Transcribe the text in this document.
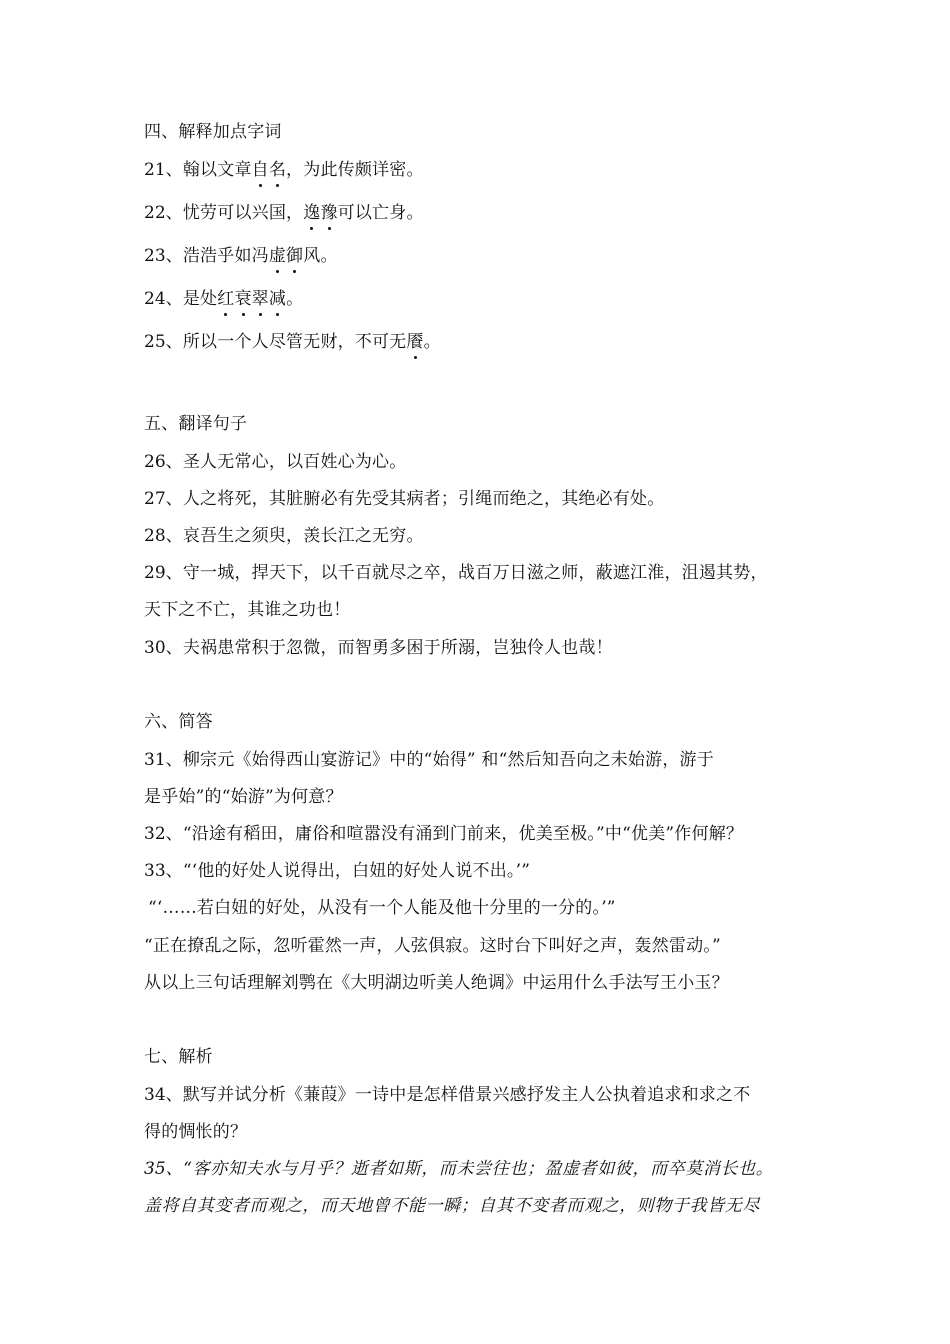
四、解释加点字词
21、翰以文章自名，为此传颇详密。
22、忧劳可以兴国，逸豫可以亡身。
23、浩浩乎如冯虚御风。
24、是处红衰翠减。
25、所以一个人尽管无财，不可无餍。
五、翻译句子
26、圣人无常心，以百姓心为心。
27、人之将死，其脏腑必有先受其病者；引绳而绝之，其绝必有处。
28、哀吾生之须臾，羡长江之无穷。
29、守一城，捍天下，以千百就尽之卒，战百万日滋之师，蔽遮江淮，沮遏其势，
天下之不亡，其谁之功也！
30、夫祸患常积于忽微，而智勇多困于所溺，岂独伶人也哉！
六、简答
31、柳宗元《始得西山宴游记》中的“始得” 和“然后知吾向之未始游，游于
是乎始”的“始游”为何意？
32、“沿途有稻田，庸俗和喧嚣没有涌到门前来，优美至极。”中“优美”作何解？
33、“‘他的好处人说得出，白妞的好处人说不出。’”
“‘……若白妞的好处，从没有一个人能及他十分里的一分的。’”
“正在撩乱之际，忽听霍然一声，人弦俱寂。这时台下叫好之声，轰然雷动。”
从以上三句话理解刘鹗在《大明湖边听美人绝调》中运用什么手法写王小玉？
七、解析
34、默写并试分析《蒹葭》一诗中是怎样借景兴感抒发主人公执着追求和求之不
得的惆怅的？
35、“客亦知夫水与月乎？逝者如斯，而未尝往也；盈虚者如彼，而卒莫消长也。
盖将自其变者而观之，而天地曾不能一瞬；自其不变者而观之，则物于我皆无尽
